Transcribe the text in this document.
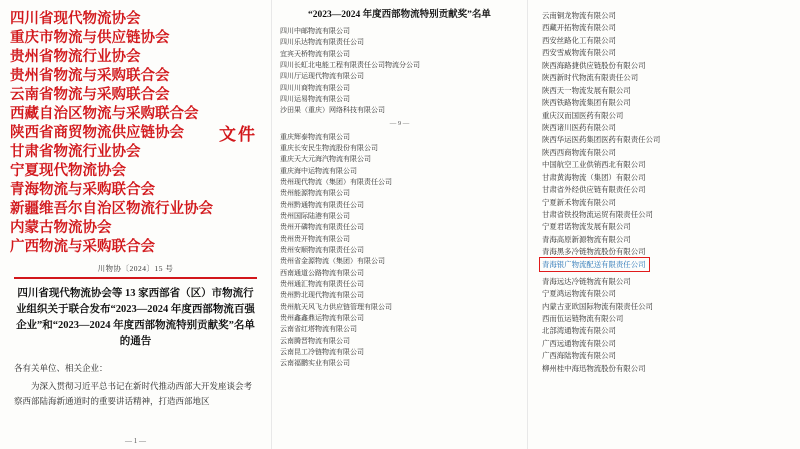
四川省现代物流协会
重庆市物流与供应链协会
贵州省物流行业协会
贵州省物流与采购联合会
云南省物流与采购联合会
西藏自治区物流与采购联合会
陕西省商贸物流供应链协会
甘肃省物流行业协会
宁夏现代物流协会
青海物流与采购联合会
新疆维吾尔自治区物流行业协会
内蒙古物流协会
广西物流与采购联合会
文件
川物协〔2024〕15 号
四川省现代物流协会等 13 家西部省（区）市物流行业组织关于联合发布“2023—2024 年度西部物流百强企业”和“2023—2024 年度西部物流特别贡献奖”名单的通告

各有关单位、相关企业：

为深入贯彻习近平总书记在新时代推动西部大开发座谈会考察西部陆海新通道时的重要讲话精神，打造西部地区

— 1 —
“2023—2024 年度西部物流特别贡献奖”名单
四川中邮物流有限公司
四川乐达物流有限责任公司
宜宾天桥物流有限公司
四川长虹北电能工程有限责任公司物流分公司
四川厅运现代物流有限公司
四川川商物流有限公司
四川运易物流有限公司
沙田果（重庆）网络科技有限公司
— 9 —
重庆辉泰物流有限公司
重庆长安民生物流股份有限公司
重庆天大元海汽物流有限公司
重庆海中运物流有限公司
贵州现代物流（集团）有限责任公司
贵州能源物流有限公司
贵州黔通物流有限责任公司
贵州国际陆港有限公司
贵州开磷物流有限责任公司
贵州贵开物流有限公司
贵州安顺物流有限责任公司
贵州省金源物流（集团）有限公司
西南通道公路物流有限公司
贵州通汇物流有限责任公司
贵州黔北现代物流有限公司
贵州航天风飞力供应链管理有限公司
贵州鑫鑫鼎运物流有限公司
云南省红塔物流有限公司
云南腾晋物流有限公司
云南昆工冷链物流有限公司
云南福鹏实业有限公司
云南铜龙物流有限公司
西藏开拓物流有限公司
西安丝路化工有限公司
西安雪威物流有限公司
陕西海路捷供应链股份有限公司
陕西新时代物流有限责任公司
陕西天一物流发展有限公司
陕西铁路物流集团有限公司
重庆汉而国医药有限公司
陕西诸川医药有限公司
陕西华运医药集团医药有限责任公司
陕西西商物流有限公司
中国航空工业供销西北有限公司
甘肃黄海物流（集团）有限公司
甘肃省外经供应链有限责任公司
宁夏新禾物流有限公司
甘肃省铁投物流运贸有限责任公司
宁夏君诺物流发展有限公司
青海高原新源物流有限公司
青海黑多冷链物流股份有限公司
青海银广物流配送有限责任公司
青海远达冷链物流有限公司
宁夏鸿运物流有限公司
内蒙古亚欧国际物流有限责任公司
西而伍运链物流有限公司
北部湾通物流有限公司
广西远通物流有限公司
广西海陆物流有限公司
柳州桂中海迅物流股份有限公司
